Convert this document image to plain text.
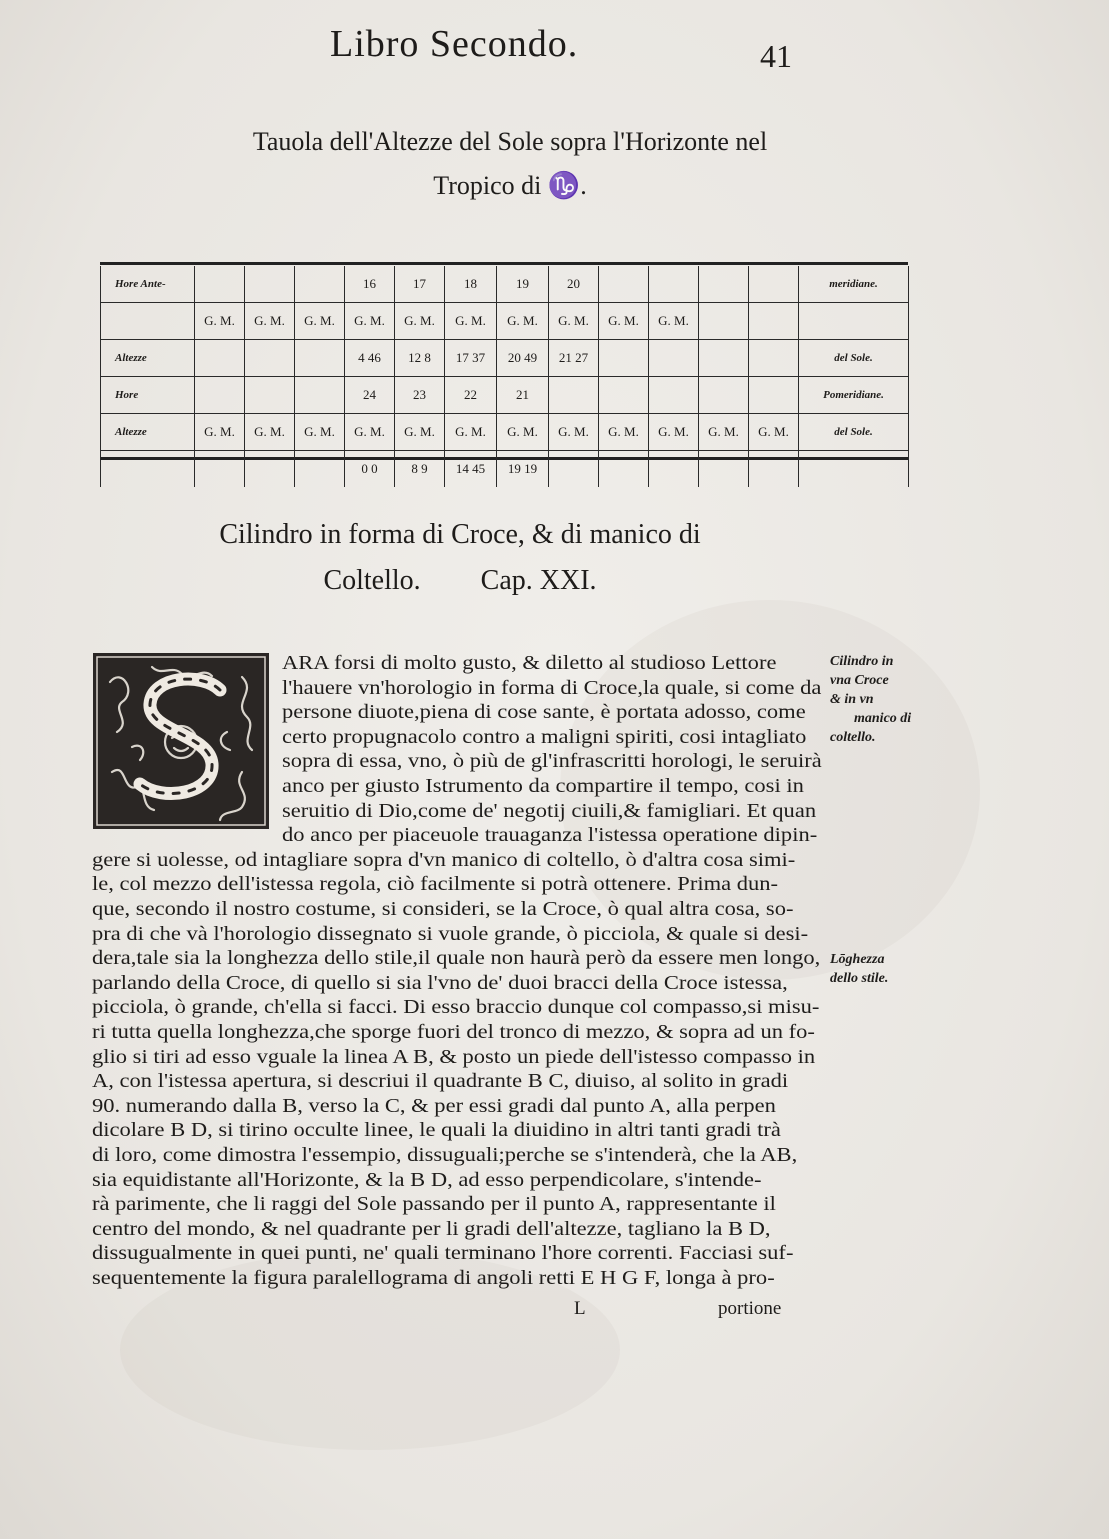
Libro Secondo.	41
Tauola dell'Altezze del Sole sopra l'Horizonte nel
Tropico di ♑.
Hore Ante-				16	17	18	19	20					meridiane.
	G. M.	G. M.	G. M.	G. M.	G. M.	G. M.	G. M.	G. M.	G. M.	G. M.			
Altezze				4 46	12 8	17 37	20 49	21 27					del Sole.
Hore				24	23	22	21						Pomeridiane.
Altezze	G. M.	G. M.	G. M.	G. M.	G. M.	G. M.	G. M.	G. M.	G. M.	G. M.	G. M.	G. M.	del Sole.
				0 0	8 9	14 45	19 19						
Cilindro in forma di Croce, & di manico di
Coltello. Cap. XXI.
ARA forsi di molto gusto, & diletto al studioso Lettore
l'hauere vn'horologio in forma di Croce,la quale, si come da
persone diuote,piena di cose sante, è portata adosso, come
certo propugnacolo contro a maligni spiriti, cosi intagliato
sopra di essa, vno, ò più de gl'infrascritti horologi, le seruirà
anco per giusto Istrumento da compartire il tempo, cosi in
seruitio di Dio,come de' negotij ciuili,& famigliari. Et quan
do anco per piaceuole trauaganza l'istessa operatione dipin-
gere si uolesse, od intagliare sopra d'vn manico di coltello, ò d'altra cosa simi-
le, col mezzo dell'istessa regola, ciò facilmente si potrà ottenere. Prima dun-
que, secondo il nostro costume, si consideri, se la Croce, ò qual altra cosa, so-
pra di che và l'horologio dissegnato si vuole grande, ò picciola, & quale si desi-
dera,tale sia la longhezza dello stile,il quale non haurà però da essere men longo,
parlando della Croce, di quello si sia l'vno de' duoi bracci della Croce istessa,
picciola, ò grande, ch'ella si facci. Di esso braccio dunque col compasso,si misu-
ri tutta quella longhezza,che sporge fuori del tronco di mezzo, & sopra ad un fo-
glio si tiri ad esso vguale la linea A B, & posto un piede dell'istesso compasso in
A, con l'istessa apertura, si descriui il quadrante B C, diuiso, al solito in gradi
90. numerando dalla B, verso la C, & per essi gradi dal punto A, alla perpen
dicolare B D, si tirino occulte linee, le quali la diuidino in altri tanti gradi trà
di loro, come dimostra l'essempio, dissuguali;perche se s'intenderà, che la AB,
sia equidistante all'Horizonte, & la B D, ad esso perpendicolare, s'intende-
rà parimente, che li raggi del Sole passando per il punto A, rappresentante il
centro del mondo, & nel quadrante per li gradi dell'altezze, tagliano la B D,
dissugualmente in quei punti, ne' quali terminano l'hore correnti. Facciasi suf-
sequentemente la figura paralellograma di angoli retti E H G F, longa à pro-
Cilindro in
vna Croce
& in vn
manico di
coltello.
Lōghezza
dello stile.
L	portione
